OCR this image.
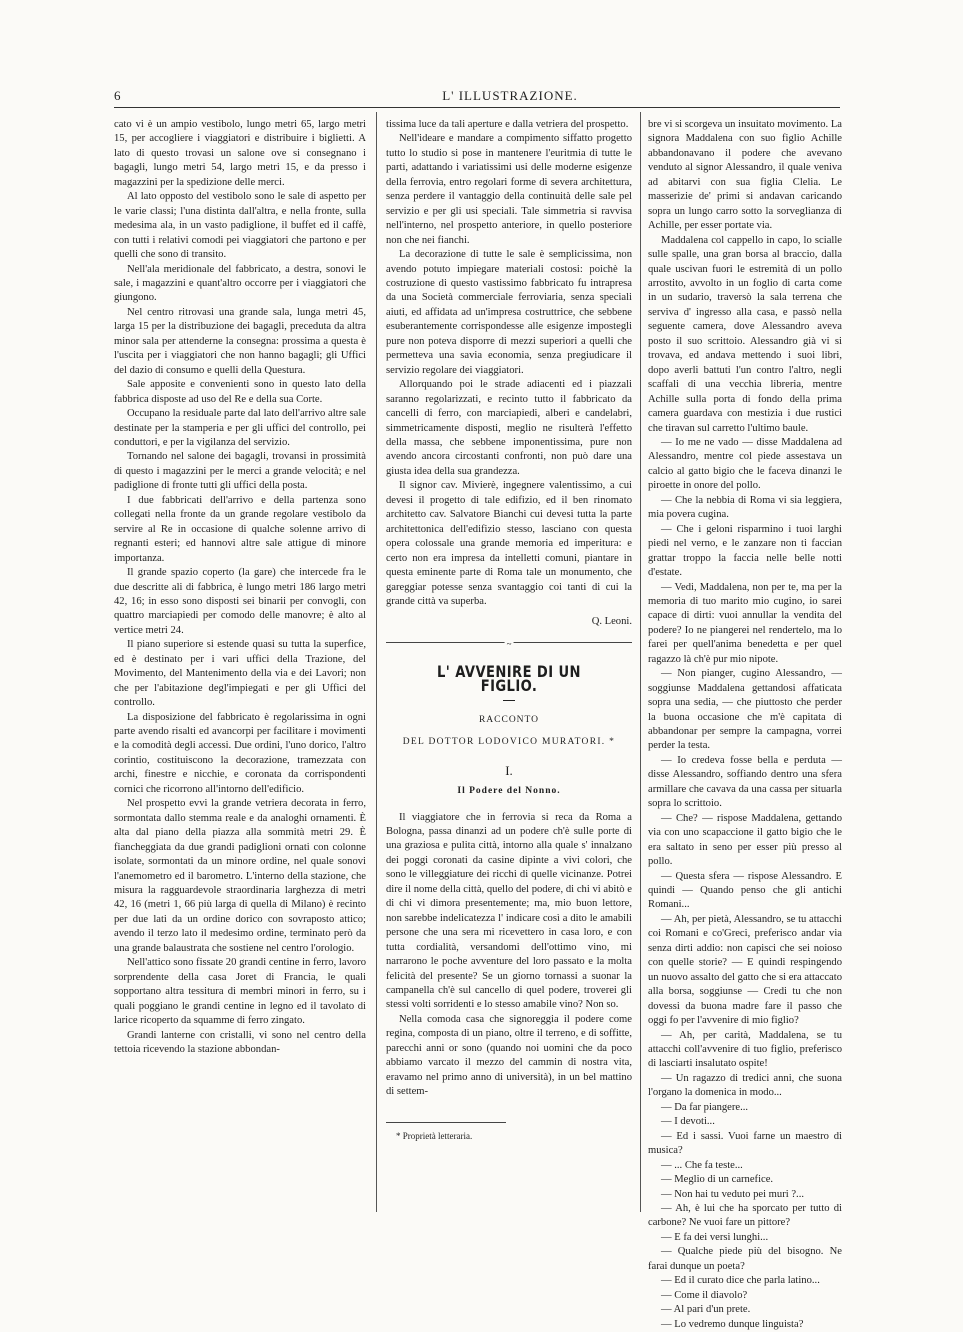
6	L' ILLUSTRAZIONE.

cato vi è un ampio vestibolo, lungo metri 65, largo metri 15, per accogliere i viaggiatori e distribuire i biglietti. A lato di questo trovasi un salone ove si consegnano i bagagli, lungo metri 54, largo metri 15, e da presso i magazzini per la spedizione delle merci.

Al lato opposto del vestibolo sono le sale di aspetto per le varie classi; l'una distinta dall'altra, e nella fronte, sulla medesima ala, in un vasto padiglione, il buffet ed il caffè, con tutti i relativi comodi pei viaggiatori che partono e per quelli che sono di transito.

Nell'ala meridionale del fabbricato, a destra, sonovi le sale, i magazzini e quant'altro occorre per i viaggiatori che giungono.

Nel centro ritrovasi una grande sala, lunga metri 45, larga 15 per la distribuzione dei bagagli, preceduta da altra minor sala per attenderne la consegna: prossima a questa è l'uscita per i viaggiatori che non hanno bagagli; gli Uffici del dazio di consumo e quelli della Questura.

Sale apposite e convenienti sono in questo lato della fabbrica disposte ad uso del Re e della sua Corte.

Occupano la residuale parte dal lato dell'arrivo altre sale destinate per la stamperia e per gli uffici del controllo, pei conduttori, e per la vigilanza del servizio.

Tornando nel salone dei bagagli, trovansi in prossimità di questo i magazzini per le merci a grande velocità; e nel padiglione di fronte tutti gli uffici della posta.

I due fabbricati dell'arrivo e della partenza sono collegati nella fronte da un grande regolare vestibolo da servire al Re in occasione di qualche solenne arrivo di regnanti esteri; ed hannovi altre sale attigue di minore importanza.

Il grande spazio coperto (la gare) che intercede fra le due descritte ali di fabbrica, è lungo metri 186 largo metri 42, 16; in esso sono disposti sei binarii per convogli, con quattro marciapiedi per comodo delle manovre; è alto al vertice metri 24.

Il piano superiore si estende quasi su tutta la superfice, ed è destinato per i vari uffici della Trazione, del Movimento, del Mantenimento della via e dei Lavori; non che per l'abitazione degl'impiegati e per gli Uffici del controllo.

La disposizione del fabbricato è regolarissima in ogni parte avendo risalti ed avancorpi per facilitare i movimenti e la comodità degli accessi. Due ordini, l'uno dorico, l'altro corintio, costituiscono la decorazione, tramezzata con archi, finestre e nicchie, e coronata da corrispondenti cornici che ricorrono all'intorno dell'edificio.

Nel prospetto evvi la grande vetriera decorata in ferro, sormontata dallo stemma reale e da analoghi ornamenti. È alta dal piano della piazza alla sommità metri 29. È fiancheggiata da due grandi padiglioni ornati con colonne isolate, sormontati da un minore ordine, nel quale sonovi l'anemometro ed il barometro. L'interno della stazione, che misura la ragguardevole straordinaria larghezza di metri 42, 16 (metri 1, 66 più larga di quella di Milano) è recinto per due lati da un ordine dorico con sovraposto attico; avendo il terzo lato il medesimo ordine, terminato però da una grande balaustrata che sostiene nel centro l'orologio.

Nell'attico sono fissate 20 grandi centine in ferro, lavoro sorprendente della casa Joret di Francia, le quali sopportano altra tessitura di membri minori in ferro, su i quali poggiano le grandi centine in legno ed il tavolato di larice ricoperto da squamme di ferro zingato.

Grandi lanterne con cristalli, vi sono nel centro della tettoia ricevendo la stazione abbondan-

tissima luce da tali aperture e dalla vetriera del prospetto.

Nell'ideare e mandare a compimento siffatto progetto tutto lo studio si pose in mantenere l'euritmia di tutte le parti, adattando i variatissimi usi delle moderne esigenze della ferrovia, entro regolari forme di severa architettura, senza perdere il vantaggio della continuità delle sale pel servizio e per gli usi speciali. Tale simmetria si ravvisa nell'interno, nel prospetto anteriore, in quello posteriore non che nei fianchi.

La decorazione di tutte le sale è semplicissima, non avendo potuto impiegare materiali costosi: poichè la costruzione di questo vastissimo fabbricato fu intrapresa da una Società commerciale ferroviaria, senza speciali aiuti, ed affidata ad un'impresa costruttrice, che sebbene esuberantemente corrispondesse alle esigenze impostegli pure non poteva disporre di mezzi superiori a quelli che permetteva una savia economia, senza pregiudicare il servizio regolare dei viaggiatori.

Allorquando poi le strade adiacenti ed i piazzali saranno regolarizzati, e recinto tutto il fabbricato da cancelli di ferro, con marciapiedi, alberi e candelabri, simmetricamente disposti, meglio ne risulterà l'effetto della massa, che sebbene imponentissima, pure non avendo ancora circostanti confronti, non può dare una giusta idea della sua grandezza.

Il signor cav. Mivierè, ingegnere valentissimo, a cui devesi il progetto di tale edifizio, ed il ben rinomato architetto cav. Salvatore Bianchi cui devesi tutta la parte architettonica dell'edifizio stesso, lasciano con questa opera colossale una grande memoria ed imperitura: e certo non era impresa da intelletti comuni, piantare in questa eminente parte di Roma tale un monumento, che gareggiar potesse senza svantaggio coi tanti di cui la grande città va superba.

Q. Leoni.
~
L' AVVENIRE DI UN FIGLIO.
RACCONTO
DEL DOTTOR LODOVICO MURATORI. *
I.
Il Podere del Nonno.

Il viaggiatore che in ferrovia si reca da Roma a Bologna, passa dinanzi ad un podere ch'è sulle porte di una graziosa e pulita città, intorno alla quale s' innalzano dei poggi coronati da casine dipinte a vivi colori, che sono le villeggiature dei ricchi di quelle vicinanze. Potrei dire il nome della città, quello del podere, di chi vi abitò e di chi vi dimora presentemente; ma, mio buon lettore, non sarebbe indelicatezza l' indicare così a dito le amabili persone che una sera mi ricevettero in casa loro, e con tutta cordialità, versandomi dell'ottimo vino, mi narrarono le poche avventure del loro passato e la molta felicità del presente? Se un giorno tornassi a suonar la campanella ch'è sul cancello di quel podere, troverei gli stessi volti sorridenti e lo stesso amabile vino? Non so.

Nella comoda casa che signoreggia il podere come regina, composta di un piano, oltre il terreno, e di soffitte, parecchi anni or sono (quando noi uomini che da poco abbiamo varcato il mezzo del cammin di nostra vita, eravamo nel primo anno di università), in un bel mattino di settem-

* Proprietà letteraria.

bre vi si scorgeva un insuitato movimento. La signora Maddalena con suo figlio Achille abbandonavano il podere che avevano venduto al signor Alessandro, il quale veniva ad abitarvi con sua figlia Clelia. Le masserizie de' primi si andavan caricando sopra un lungo carro sotto la sorveglianza di Achille, per esser portate via.

Maddalena col cappello in capo, lo scialle sulle spalle, una gran borsa al braccio, dalla quale uscivan fuori le estremità di un pollo arrostito, avvolto in un foglio di carta come in un sudario, traversò la sala terrena che serviva d' ingresso alla casa, e passò nella seguente camera, dove Alessandro aveva posto il suo scrittoio. Alessandro già vi si trovava, ed andava mettendo i suoi libri, dopo averli battuti l'un contro l'altro, negli scaffali di una vecchia libreria, mentre Achille sulla porta di fondo della prima camera guardava con mestizia i due rustici che tiravan sul carretto l'ultimo baule.

— Io me ne vado — disse Maddalena ad Alessandro, mentre col piede assestava un calcio al gatto bigio che le faceva dinanzi le piroette in onore del pollo.

— Che la nebbia di Roma vi sia leggiera, mia povera cugina.

— Che i geloni risparmino i tuoi larghi piedi nel verno, e le zanzare non ti faccian grattar troppo la faccia nelle belle notti d'estate.

— Vedi, Maddalena, non per te, ma per la memoria di tuo marito mio cugino, io sarei capace di dirti: vuoi annullar la vendita del podere? Io ne piangerei nel rendertelo, ma lo farei per quell'anima benedetta e per quel ragazzo là ch'è pur mio nipote.

— Non pianger, cugino Alessandro, — soggiunse Maddalena gettandosi affaticata sopra una sedia, — che piuttosto che perder la buona occasione che m'è capitata di abbandonar per sempre la campagna, vorrei perder la testa.

— Io credeva fosse bella e perduta — disse Alessandro, soffiando dentro una sfera armillare che cavava da una cassa per situarla sopra lo scrittoio.

— Che? — rispose Maddalena, gettando via con uno scapaccione il gatto bigio che le era saltato in seno per esser più presso al pollo.

— Questa sfera — rispose Alessandro. E quindi — Quando penso che gli antichi Romani...

— Ah, per pietà, Alessandro, se tu attacchi coi Romani e co'Greci, preferisco andar via senza dirti addio: non capisci che sei noioso con quelle storie? — E quindi respingendo un nuovo assalto del gatto che si era attaccato alla borsa, soggiunse — Credi tu che non dovessi da buona madre fare il passo che oggi fo per l'avvenire di mio figlio?

— Ah, per carità, Maddalena, se tu attacchi coll'avvenire di tuo figlio, preferisco di lasciarti insalutato ospite!

— Un ragazzo di tredici anni, che suona l'organo la domenica in modo...

— Da far piangere...

— I devoti...

— Ed i sassi. Vuoi farne un maestro di musica?

— ... Che fa teste...

— Meglio di un carnefice.

— Non hai tu veduto pei muri ?...

— Ah, è lui che ha sporcato per tutto di carbone? Ne vuoi fare un pittore?

— E fa dei versi lunghi...

— Qualche piede più del bisogno. Ne farai dunque un poeta?

— Ed il curato dice che parla latino...

— Come il diavolo?

— Al pari d'un prete.

— Lo vedremo dunque linguista?
